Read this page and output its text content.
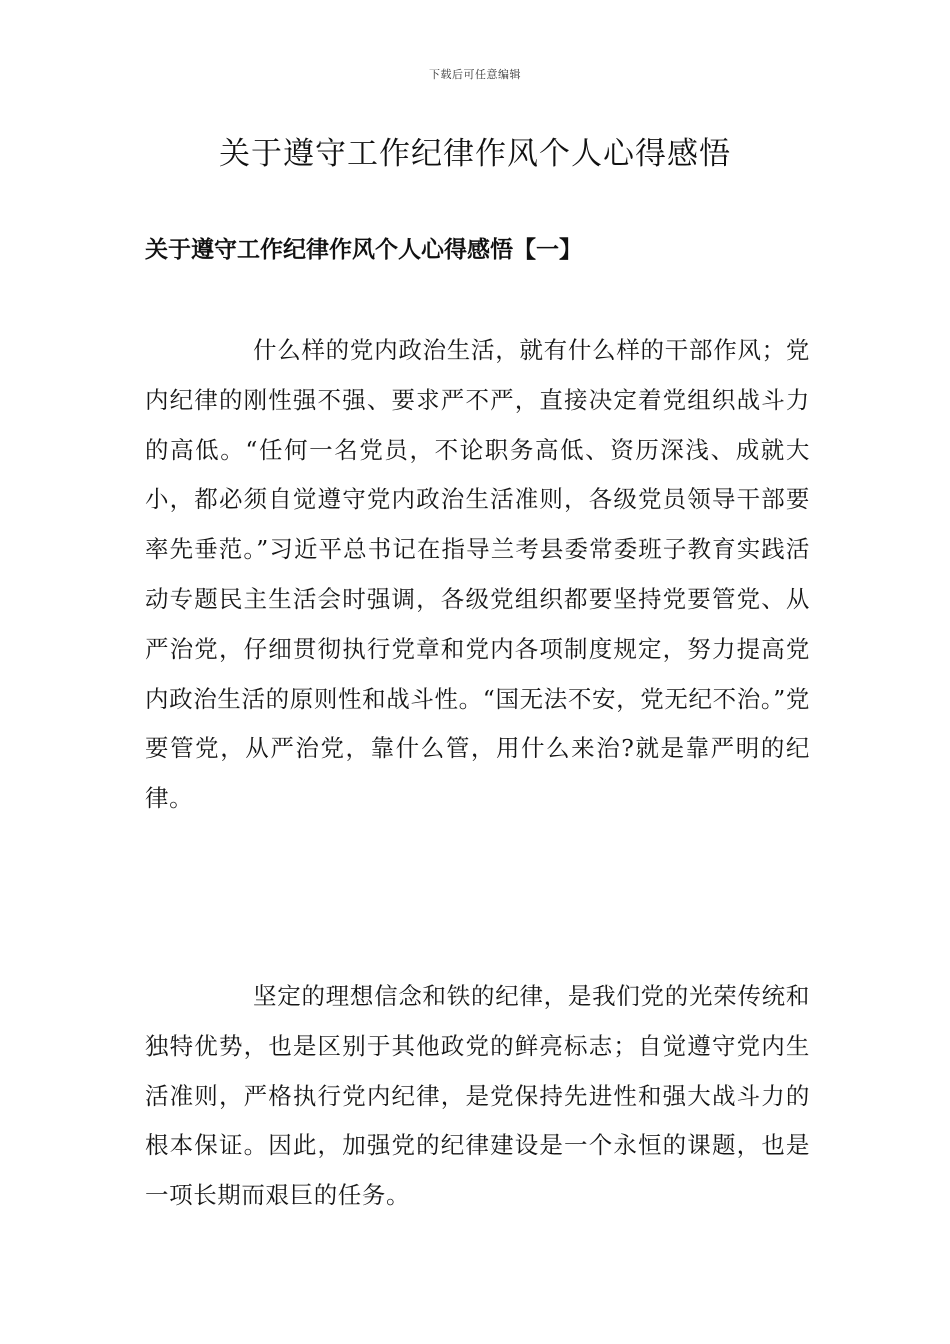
下载后可任意编辑
关于遵守工作纪律作风个人心得感悟
关于遵守工作纪律作风个人心得感悟【一】

什么样的党内政治生活，就有什么样的干部作风；党内纪律的刚性强不强、要求严不严，直接决定着党组织战斗力的高低。“任何一名党员，不论职务高低、资历深浅、成就大小，都必须自觉遵守党内政治生活准则，各级党员领导干部要率先垂范。”习近平总书记在指导兰考县委常委班子教育实践活动专题民主生活会时强调，各级党组织都要坚持党要管党、从严治党，仔细贯彻执行党章和党内各项制度规定，努力提高党内政治生活的原则性和战斗性。“国无法不安，党无纪不治。”党要管党，从严治党，靠什么管，用什么来治?就是靠严明的纪律。

坚定的理想信念和铁的纪律，是我们党的光荣传统和独特优势，也是区别于其他政党的鲜亮标志；自觉遵守党内生活准则，严格执行党内纪律，是党保持先进性和强大战斗力的根本保证。因此，加强党的纪律建设是一个永恒的课题，也是一项长期而艰巨的任务。
